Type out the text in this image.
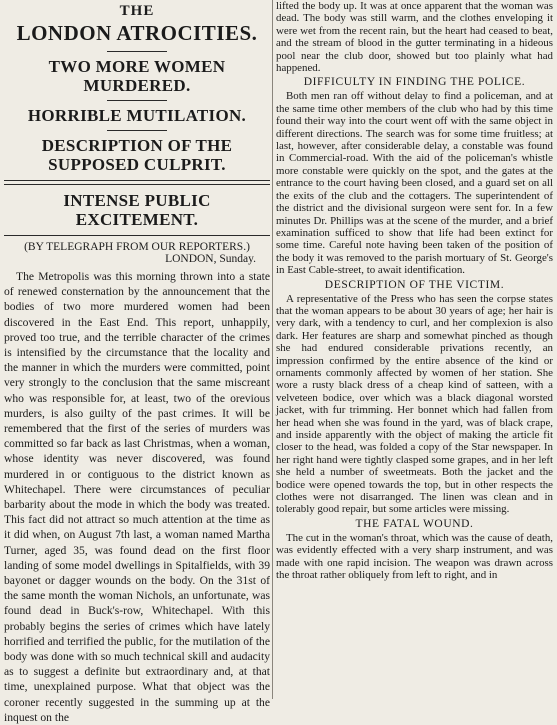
THE
LONDON ATROCITIES.
TWO MORE WOMEN MURDERED.
HORRIBLE MUTILATION.
DESCRIPTION OF THE SUPPOSED CULPRIT.
INTENSE PUBLIC EXCITEMENT.
(BY TELEGRAPH FROM OUR REPORTERS.)
LONDON, Sunday.

The Metropolis was this morning thrown into a state of renewed consternation by the announcement that the bodies of two more murdered women had been discovered in the East End. This report, unhappily, proved too true, and the terrible character of the crimes is intensified by the circumstance that the locality and the manner in which the murders were committed, point very strongly to the conclusion that the same miscreant who was responsible for, at least, two of the orevious murders, is also guilty of the past crimes. It will be remembered that the first of the series of murders was committed so far back as last Christmas, when a woman, whose identity was never discovered, was found murdered in or contiguous to the district known as Whitechapel. There were circumstances of peculiar barbarity about the mode in which the body was treated. This fact did not attract so much attention at the time as it did when, on August 7th last, a woman named Martha Turner, aged 35, was found dead on the first floor landing of some model dwellings in Spitalfields, with 39 bayonet or dagger wounds on the body. On the 31st of the same month the woman Nichols, an unfortunate, was found dead in Buck's-row, Whitechapel. With this probably begins the series of crimes which have lately horrified and terrified the public, for the mutilation of the body was done with so much technical skill and audacity as to suggest a definite but extraordinary and, at that time, unexplained purpose. What that object was the coroner recently suggested in the summing up at the inquest on the

lifted the body up. It was at once apparent that the woman was dead. The body was still warm, and the clothes enveloping it were wet from the recent rain, but the heart had ceased to beat, and the stream of blood in the gutter terminating in a hideous pool near the club door, showed but too plainly what had happened.

DIFFICULTY IN FINDING THE POLICE.

Both men ran off without delay to find a policeman, and at the same time other members of the club who had by this time found their way into the court went off with the same object in different directions. The search was for some time fruitless; at last, however, after considerable delay, a constable was found in Commercial-road. With the aid of the policeman's whistle more constable were quickly on the spot, and the gates at the entrance to the court having been closed, and a guard set on all the exits of the club and the cottagers. The superintendent of the district and the divisional surgeon were sent for. In a few minutes Dr. Phillips was at the scene of the murder, and a brief examination sufficed to show that life had been extinct for some time. Careful note having been taken of the position of the body it was removed to the parish mortuary of St. George's in East Cable-street, to await identification.

DESCRIPTION OF THE VICTIM.

A representative of the Press who has seen the corpse states that the woman appears to be about 30 years of age; her hair is very dark, with a tendency to curl, and her complexion is also dark. Her features are sharp and somewhat pinched as though she had endured considerable privations recently, an impression confirmed by the entire absence of the kind or ornaments commonly affected by women of her station. She wore a rusty black dress of a cheap kind of satteen, with a velveteen bodice, over which was a black diagonal worsted jacket, with fur trimming. Her bonnet which had fallen from her head when she was found in the yard, was of black crape, and inside apparently with the object of making the article fit closer to the head, was folded a copy of the Star newspaper. In her right hand were tightly clasped some grapes, and in her left she held a number of sweetmeats. Both the jacket and the bodice were opened towards the top, but in other respects the clothes were not disarranged. The linen was clean and in tolerably good repair, but some articles were missing.

THE FATAL WOUND.

The cut in the woman's throat, which was the cause of death, was evidently effected with a very sharp instrument, and was made with one rapid incision. The weapon was drawn across the throat rather obliquely from left to right, and in
